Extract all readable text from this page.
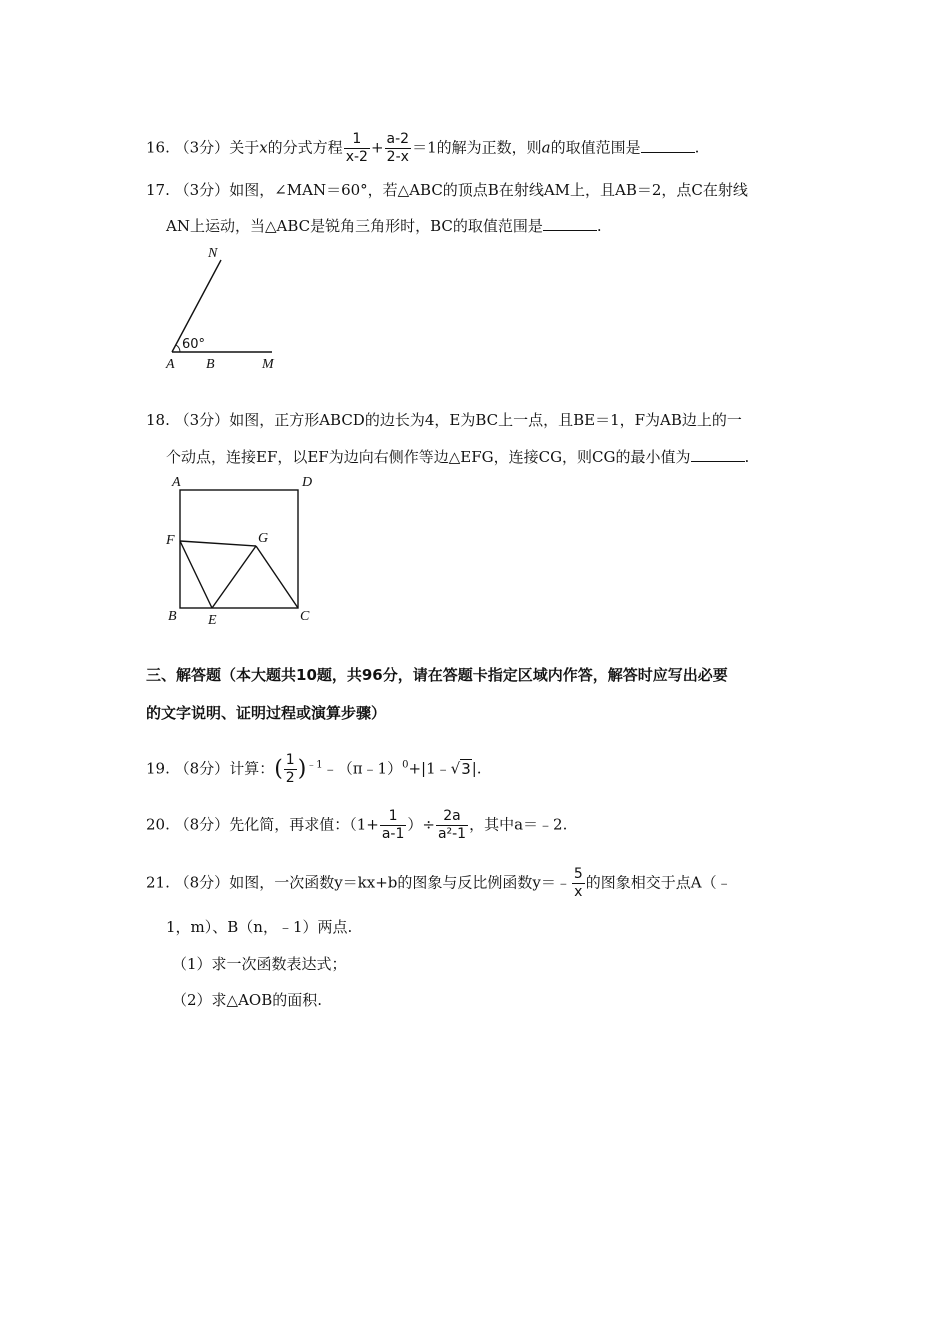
16. （3分）关于x的分式方程 $\frac{1}{x-2} + \frac{a-2}{2-x} =1$的解为正数，则a的取值范围是	.
17. （3分）如图，∠MAN＝60°，若△ABC的顶点B在射线AM上，且AB＝2，点C在射线
AN上运动，当△ABC是锐角三角形时，BC的取值范围是	.
N
60°
A B	M
18. （3分）如图，正方形ABCD的边长为4，E为BC上一点，且BE＝1，F为AB边上的一
个动点，连接EF，以EF为边向右侧作等边△EFG，连接CG，则CG的最小值为	.
A	D
F	G
B E	C
三、解答题（本大题共10题，共96分，请在答题卡指定区域内作答，解答时应写出必要
的文字说明、证明过程或演算步骤）
19. （8分）计算：( $\frac{1}{2}$ )$^{﹣1}$﹣（π﹣1）$^0$+|1﹣√3|.
20. （8分）先化简，再求值：（$1+ \frac{1}{a-1}$ ）÷ $\frac{2a}{\text{a²-1}}$ ，其中a＝﹣2.
21. （8分）如图，一次函数y＝kx+b的图象与反比例函数y＝﹣ $\frac{5}{x}$ 的图象相交于点A（﹣
1，m）、B（n，﹣1）两点.
（1）求一次函数表达式；
（2）求△AOB的面积.
